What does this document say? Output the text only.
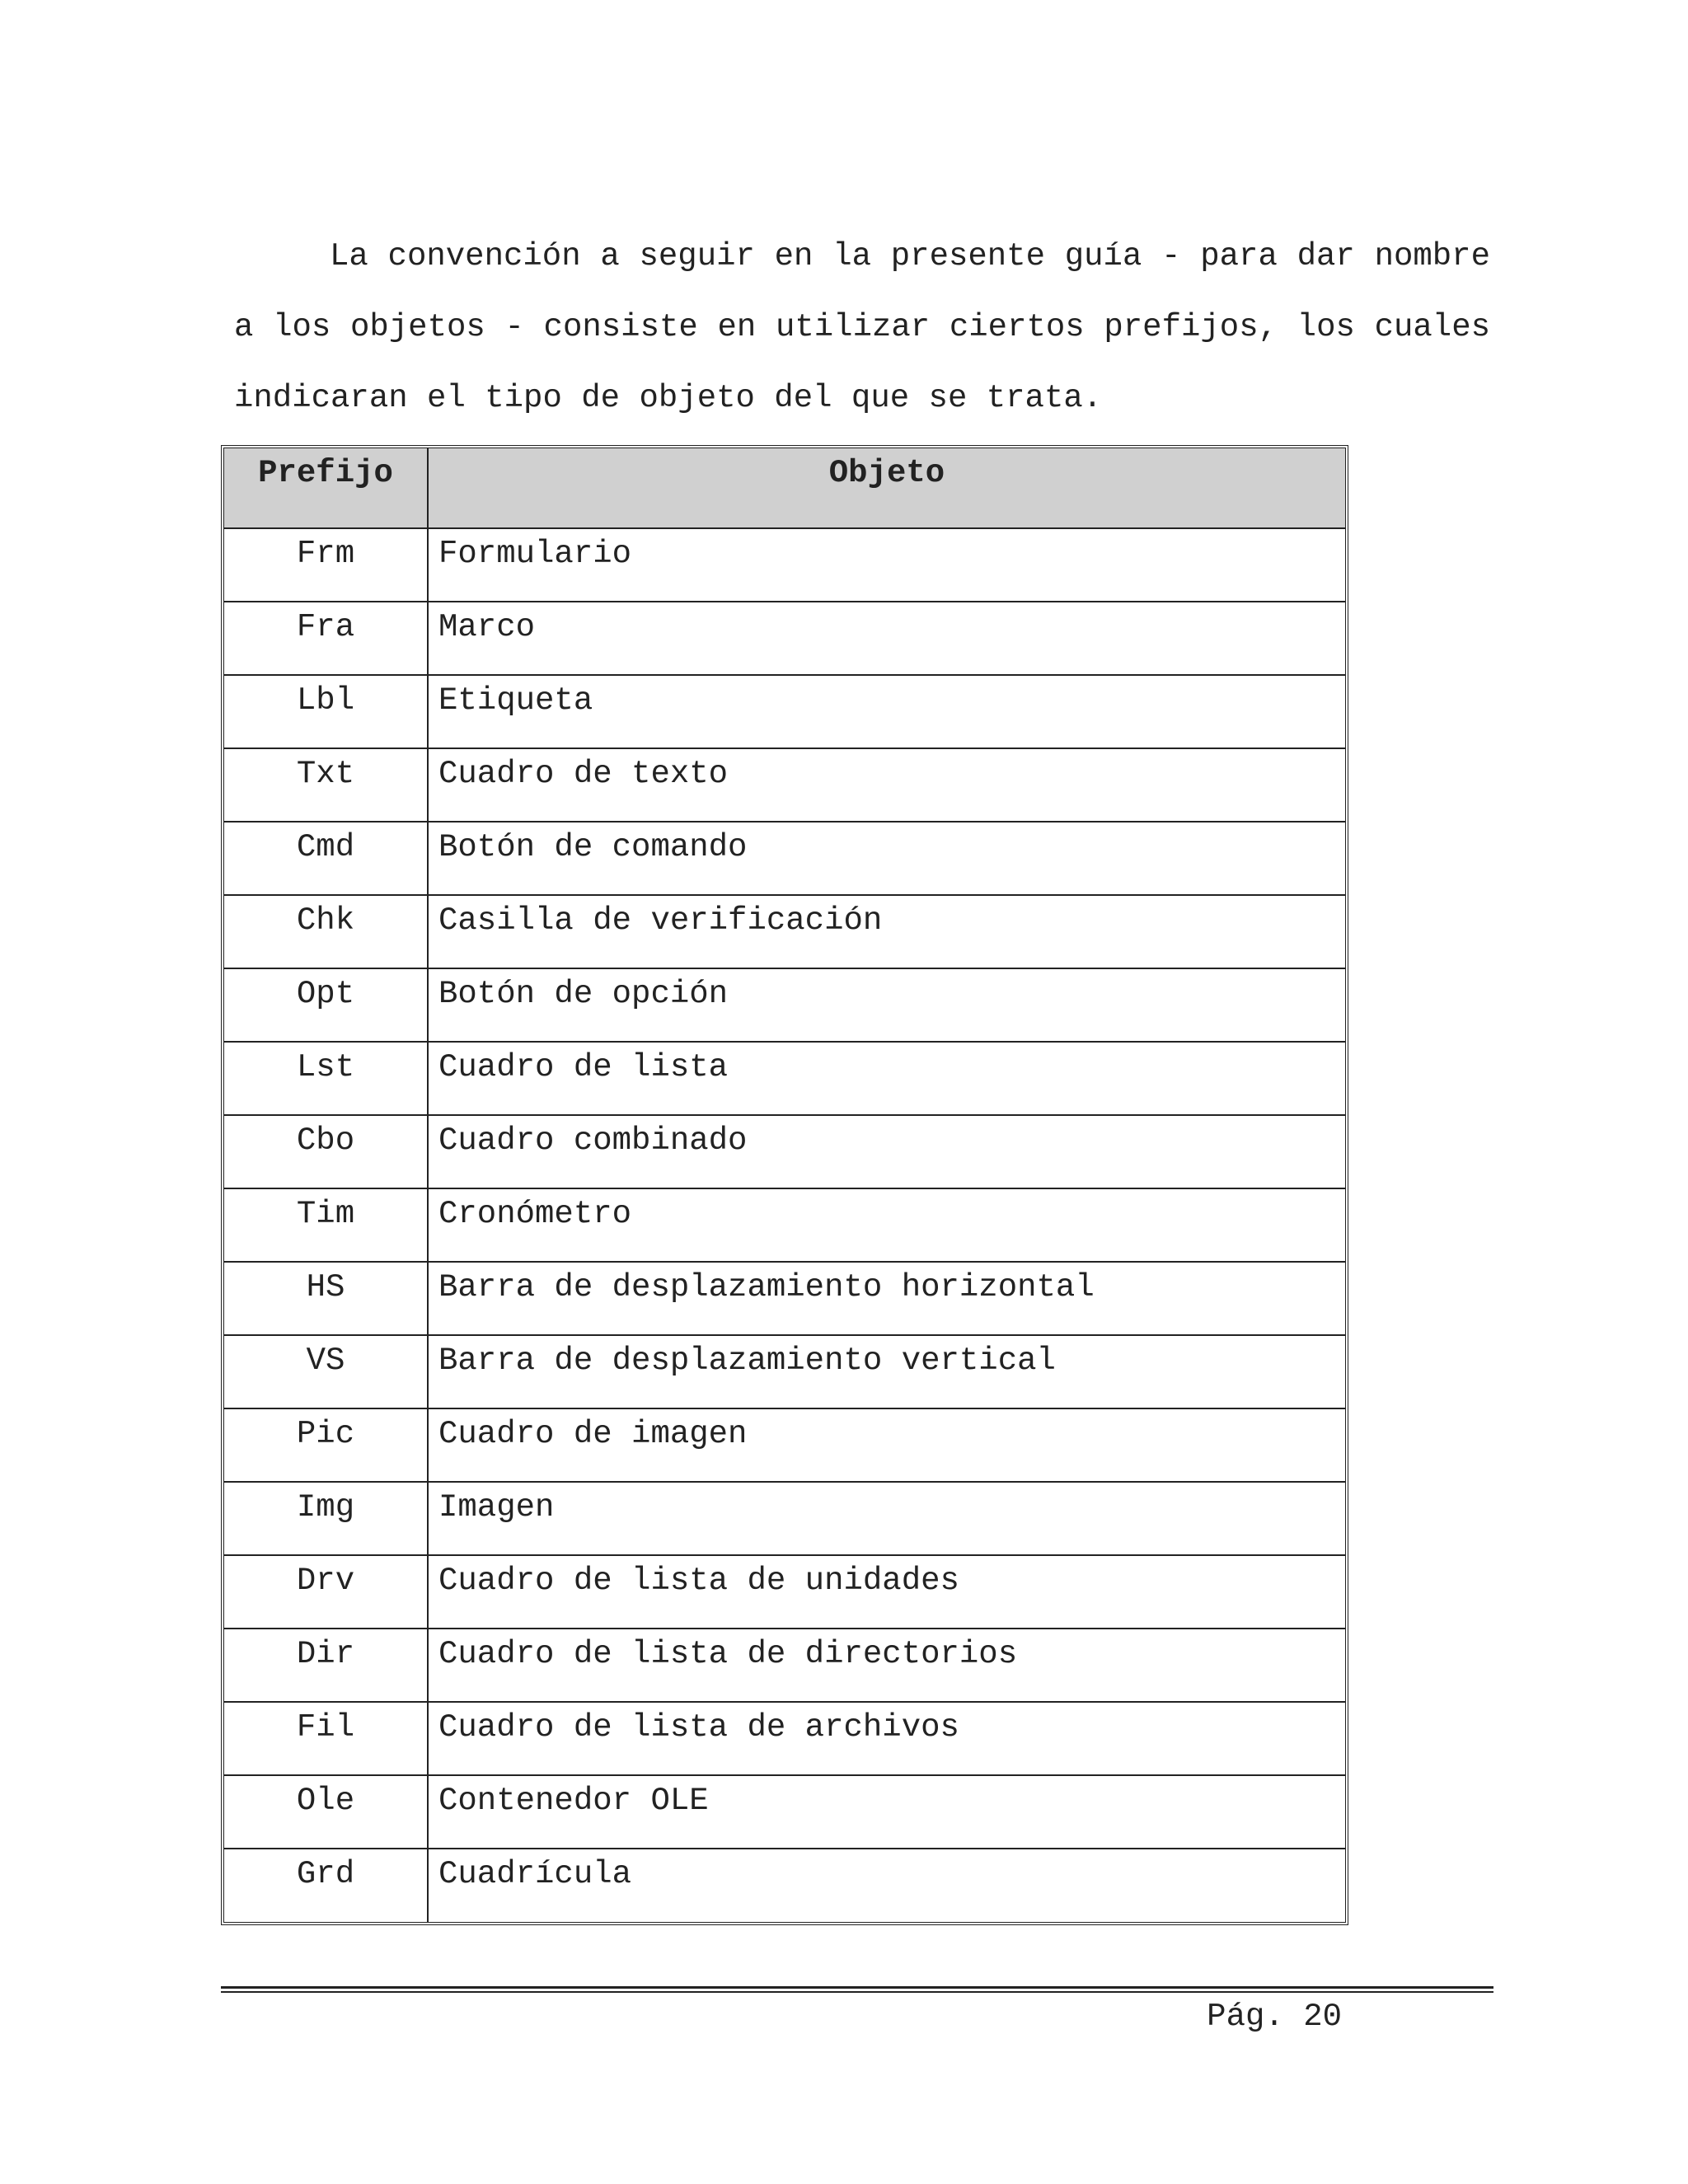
La convención a seguir en la presente guía - para dar nombre a los objetos - consiste en utilizar ciertos prefijos, los cuales indicaran el tipo de objeto del que se trata.

Prefijo	Objeto
Frm	Formulario
Fra	Marco
Lbl	Etiqueta
Txt	Cuadro de texto
Cmd	Botón de comando
Chk	Casilla de verificación
Opt	Botón de opción
Lst	Cuadro de lista
Cbo	Cuadro combinado
Tim	Cronómetro
HS	Barra de desplazamiento horizontal
VS	Barra de desplazamiento vertical
Pic	Cuadro de imagen
Img	Imagen
Drv	Cuadro de lista de unidades
Dir	Cuadro de lista de directorios
Fil	Cuadro de lista de archivos
Ole	Contenedor OLE
Grd	Cuadrícula
Pág. 20
